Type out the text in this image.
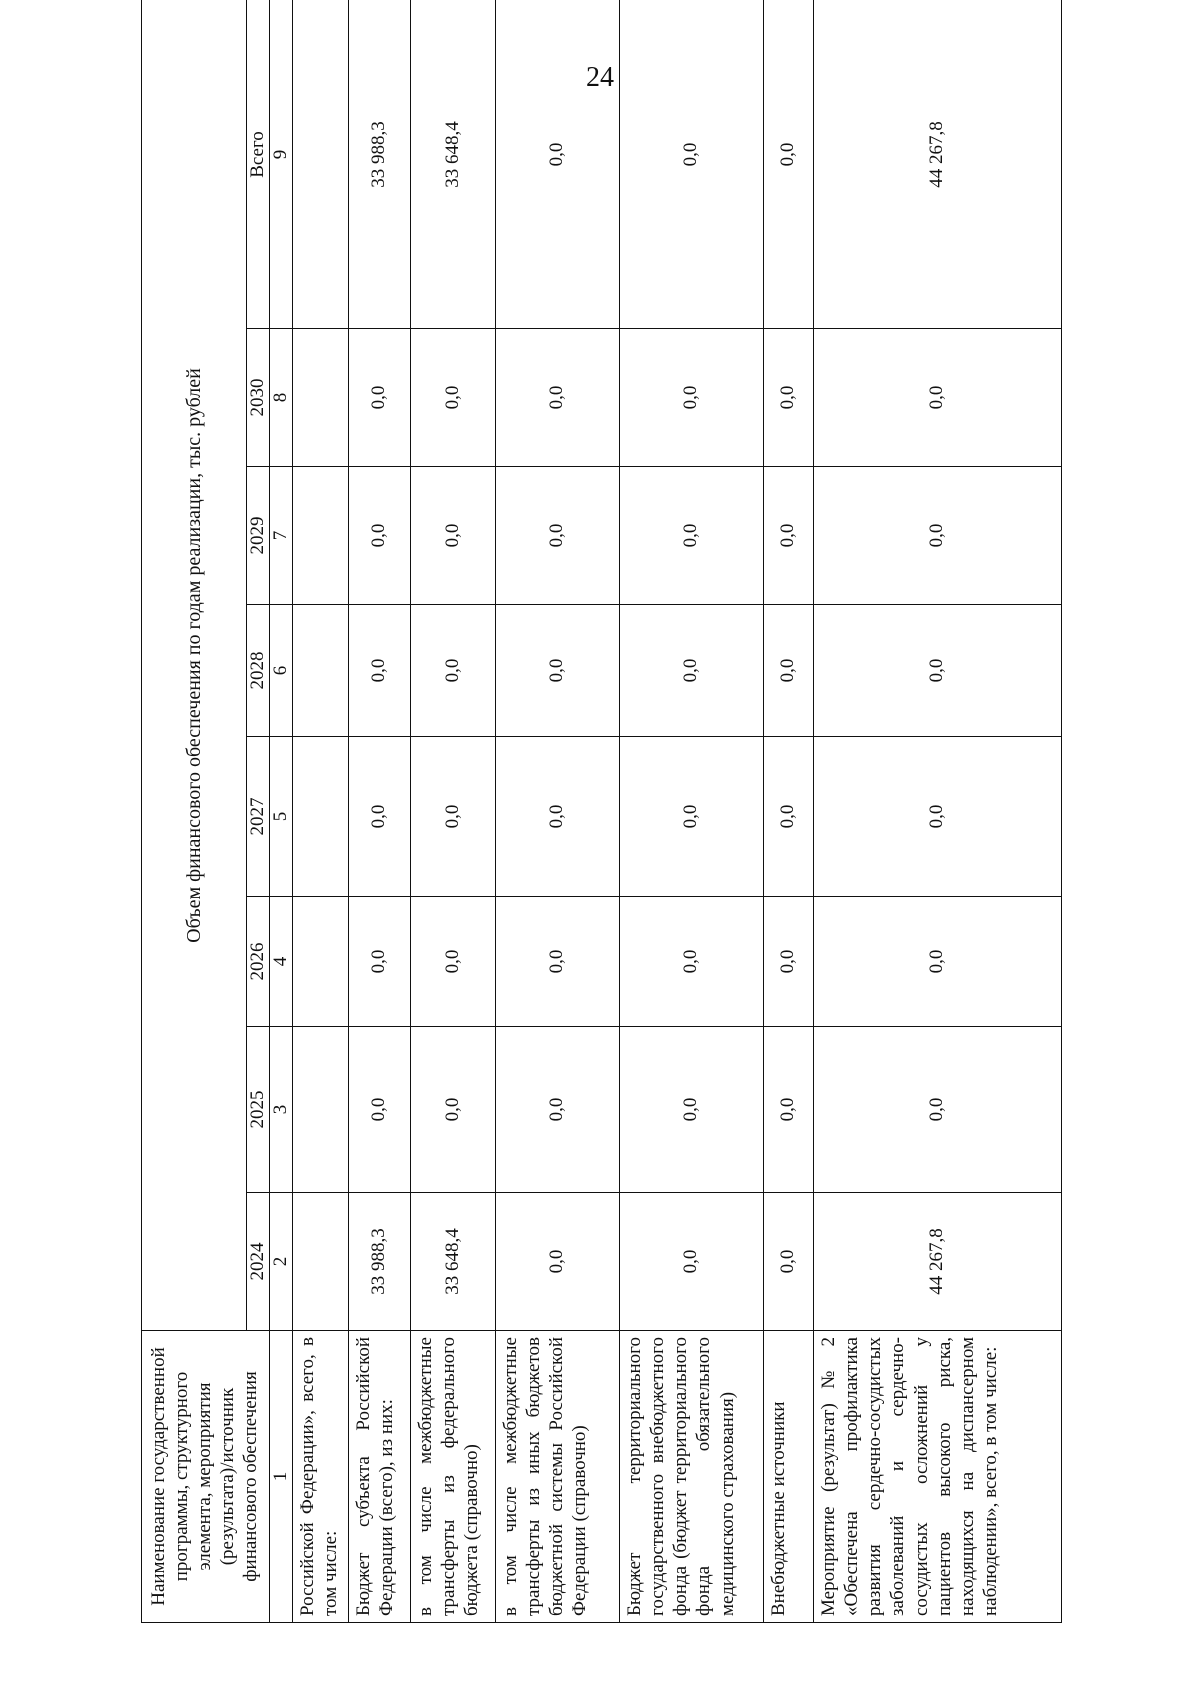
24
Наименование государственной программы, структурного элемента, мероприятия (результата)/источник финансового обеспечения	Объем финансового обеспечения по годам реализации, тыс. рублей							
	2024	2025	2026	2027	2028	2029	2030	Всего
1	2	3	4	5	6	7	8	9
Российской Федерации», всего, в том числе:								
Бюджет субъекта Российской Федерации (всего), из них:	33 988,3	0,0	0,0	0,0	0,0	0,0	0,0	33 988,3
в том числе межбюджетные трансферты из федерального бюджета (справочно)	33 648,4	0,0	0,0	0,0	0,0	0,0	0,0	33 648,4
в том числе межбюджетные трансферты из иных бюджетов бюджетной системы Российской Федерации (справочно)	0,0	0,0	0,0	0,0	0,0	0,0	0,0	0,0
Бюджет территориального государственного внебюджетного фонда (бюджет территориального фонда обязательного медицинского страхования)	0,0	0,0	0,0	0,0	0,0	0,0	0,0	0,0
Внебюджетные источники	0,0	0,0	0,0	0,0	0,0	0,0	0,0	0,0
Мероприятие (результат) № 2 «Обеспечена профилактика развития сердечно-сосудистых заболеваний и сердечно-сосудистых осложнений у пациентов высокого риска, находящихся на диспансерном наблюдении», всего, в том числе:	44 267,8	0,0	0,0	0,0	0,0	0,0	0,0	44 267,8
